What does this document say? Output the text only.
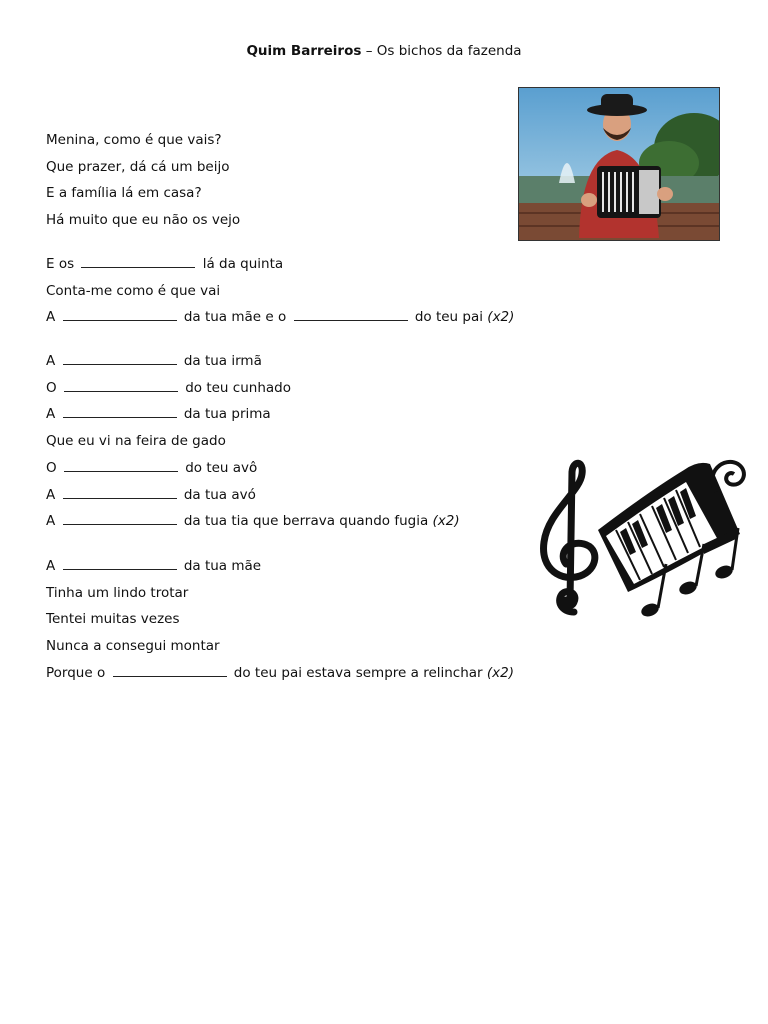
Quim Barreiros – Os bichos da fazenda
Menina, como é que vais?
Que prazer, dá cá um beijo
E a família lá em casa?
Há muito que eu não os vejo
E os	lá da quinta
Conta-me como é que vai
A	da tua mãe e o	do teu pai (x2)
A	da tua irmã
O	do teu cunhado
A	da tua prima
Que eu vi na feira de gado
O	do teu avô
A	da tua avó
A	da tua tia que berrava quando fugia (x2)
A	da tua mãe
Tinha um lindo trotar
Tentei muitas vezes
Nunca a consegui montar
Porque o	do teu pai estava sempre a relinchar (x2)
